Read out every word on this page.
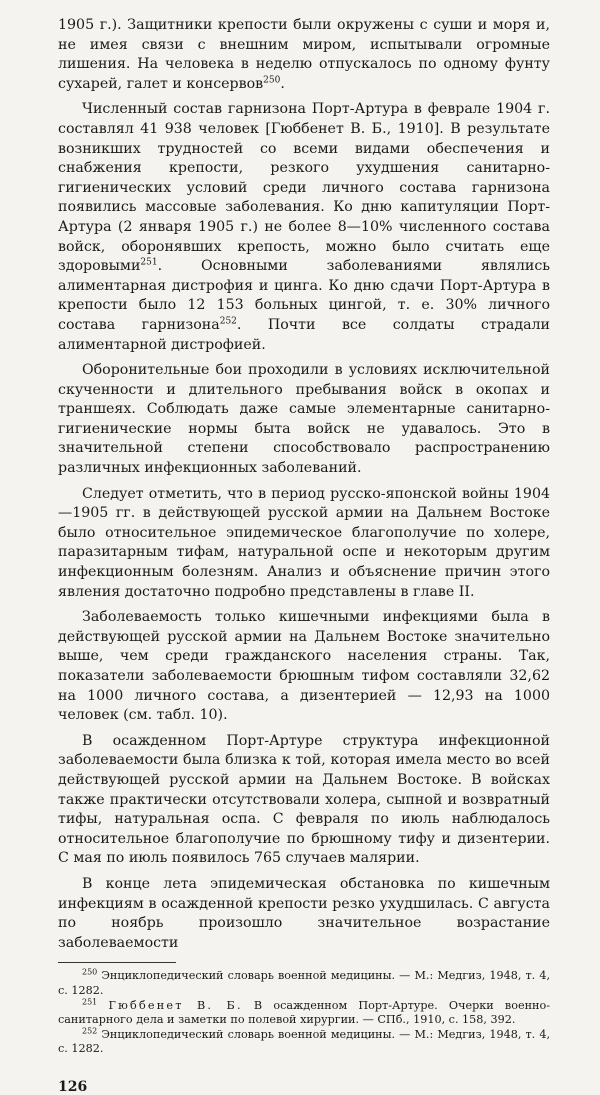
1905 г.). Защитники крепости были окружены с суши и моря и, не имея связи с внешним миром, испытывали огромные лишения. На человека в неделю отпускалось по одному фунту сухарей, галет и консервов$^{250}$.

Численный состав гарнизона Порт-Артура в феврале 1904 г. составлял 41 938 человек [Гюббенет В. Б., 1910]. В результате возникших трудностей со всеми видами обеспечения и снабжения крепости, резкого ухудшения санитарно-гигиенических условий среди личного состава гарнизона появились массовые заболевания. Ко дню капитуляции Порт-Артура (2 января 1905 г.) не более 8—10% численного состава войск, оборонявших крепость, можно было считать еще здоровыми$^{251}$. Основными заболеваниями являлись алиментарная дистрофия и цинга. Ко дню сдачи Порт-Артура в крепости было 12 153 больных цингой, т. е. 30% личного состава гарнизона$^{252}$. Почти все солдаты страдали алиментарной дистрофией.

Оборонительные бои проходили в условиях исключительной скученности и длительного пребывания войск в окопах и траншеях. Соблюдать даже самые элементарные санитарно-гигиенические нормы быта войск не удавалось. Это в значительной степени способствовало распространению различных инфекционных заболеваний.

Следует отметить, что в период русско-японской войны 1904—1905 гг. в действующей русской армии на Дальнем Востоке было относительное эпидемическое благополучие по холере, паразитарным тифам, натуральной оспе и некоторым другим инфекционным болезням. Анализ и объяснение причин этого явления достаточно подробно представлены в главе II.

Заболеваемость только кишечными инфекциями была в действующей русской армии на Дальнем Востоке значительно выше, чем среди гражданского населения страны. Так, показатели заболеваемости брюшным тифом составляли 32,62 на 1000 личного состава, а дизентерией — 12,93 на 1000 человек (см. табл. 10).

В осажденном Порт-Артуре структура инфекционной заболеваемости была близка к той, которая имела место во всей действующей русской армии на Дальнем Востоке. В войсках также практически отсутствовали холера, сыпной и возвратный тифы, натуральная оспа. С февраля по июль наблюдалось относительное благополучие по брюшному тифу и дизентерии. С мая по июль появилось 765 случаев малярии.

В конце лета эпидемическая обстановка по кишечным инфекциям в осажденной крепости резко ухудшилась. С августа по ноябрь произошло значительное возрастание заболеваемости

$^{250}$ Энциклопедический словарь военной медицины. — М.: Медгиз, 1948, т. 4, с. 1282.

$^{251}$ Гюббенет В. Б. В осажденном Порт-Артуре. Очерки военно-санитарного дела и заметки по полевой хирургии. — СПб., 1910, с. 158, 392.

$^{252}$ Энциклопедический словарь военной медицины. — М.: Медгиз, 1948, т. 4, с. 1282.

126
